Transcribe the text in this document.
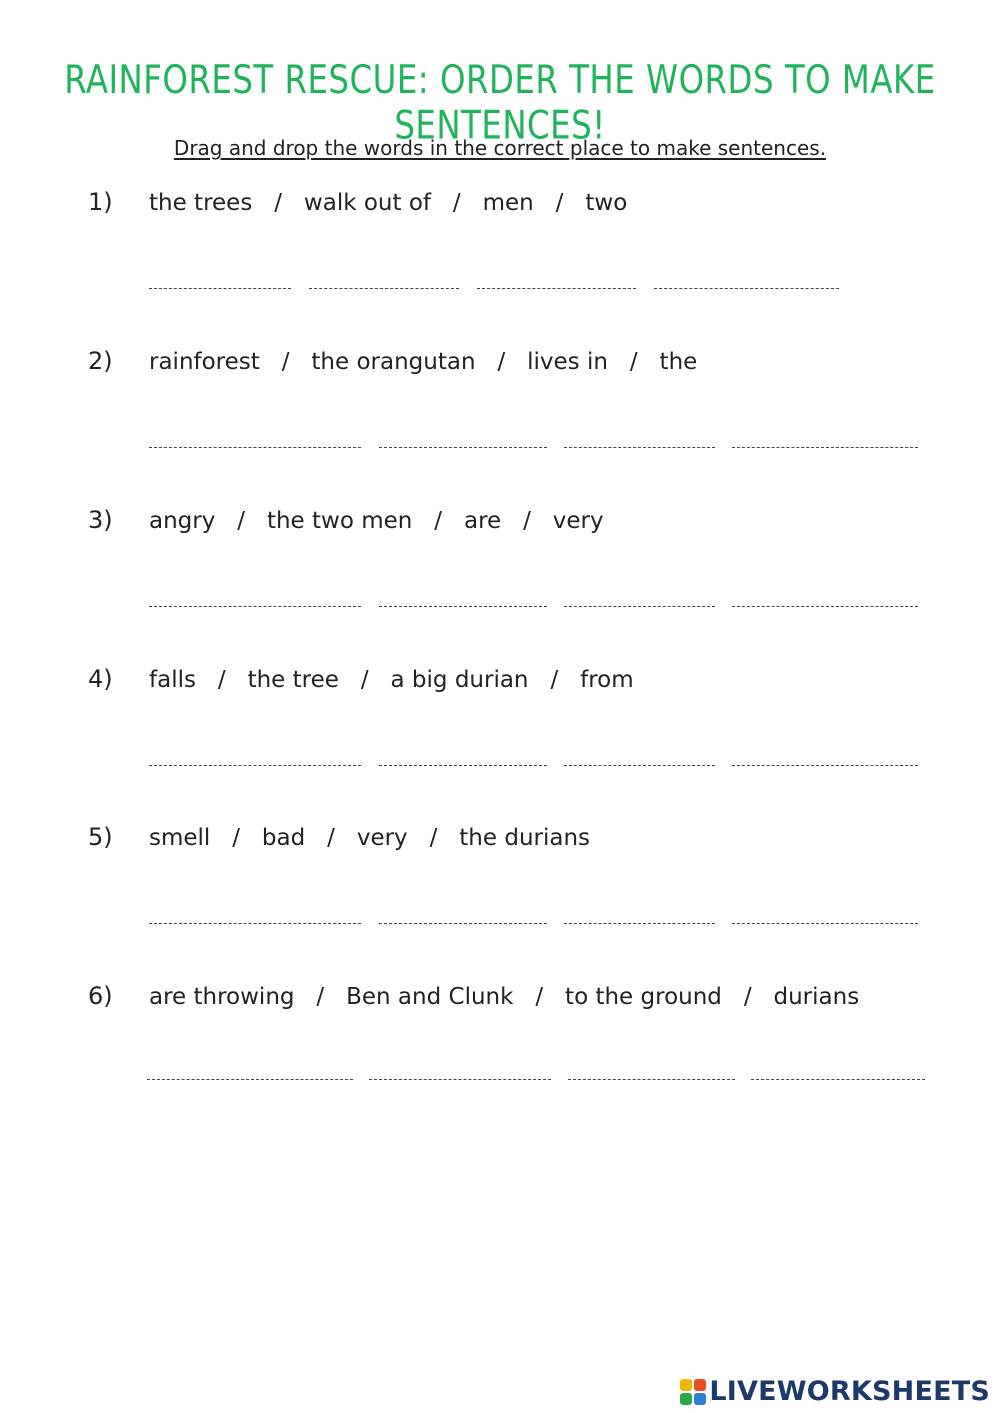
RAINFOREST RESCUE: ORDER THE WORDS TO MAKE SENTENCES!
Drag and drop the words in the correct place to make sentences.
1) the trees   /   walk out of   /   men   /   two
2) rainforest   /   the orangutan   /   lives in   /   the
3) angry   /   the two men   /   are   /   very
4) falls   /   the tree   /   a big durian   /   from
5) smell   /   bad   /   very   /   the durians
6) are throwing   /   Ben and Clunk   /   to the ground   /   durians
LIVEWORKSHEETS
